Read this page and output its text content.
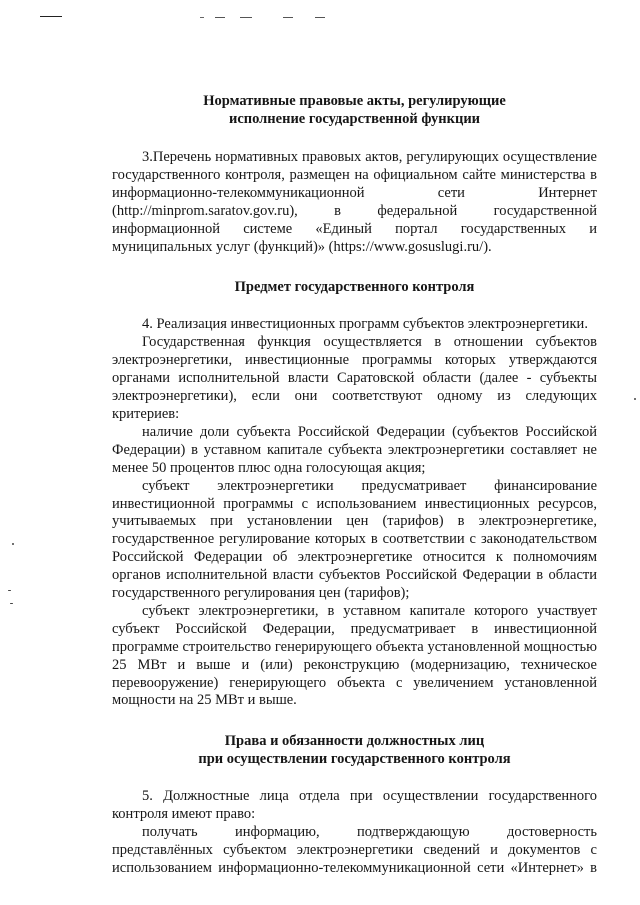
Нормативные правовые акты, регулирующие

исполнение государственной функции

3.Перечень нормативных правовых актов, регулирующих осуществление государственного контроля, размещен на официальном сайте министерства в информационно-телекоммуникационной сети Интернет (http://minprom.saratov.gov.ru), в федеральной государственной информационной системе «Единый портал государственных и муниципальных услуг (функций)» (https://www.gosuslugi.ru/).

Предмет государственного контроля

4. Реализация инвестиционных программ субъектов электроэнергетики.

Государственная функция осуществляется в отношении субъектов электроэнергетики, инвестиционные программы которых утверждаются органами исполнительной власти Саратовской области (далее - субъекты электроэнергетики), если они соответствуют одному из следующих критериев:

наличие доли субъекта Российской Федерации (субъектов Российской Федерации) в уставном капитале субъекта электроэнергетики составляет не менее 50 процентов плюс одна голосующая акция;

субъект электроэнергетики предусматривает финансирование инвестиционной программы с использованием инвестиционных ресурсов, учитываемых при установлении цен (тарифов) в электроэнергетике, государственное регулирование которых в соответствии с законодательством Российской Федерации об электроэнергетике относится к полномочиям органов исполнительной власти субъектов Российской Федерации в области государственного регулирования цен (тарифов);

субъект электроэнергетики, в уставном капитале которого участвует субъект Российской Федерации, предусматривает в инвестиционной программе строительство генерирующего объекта установленной мощностью 25 МВт и выше и (или) реконструкцию (модернизацию, техническое перевооружение) генерирующего объекта с увеличением установленной мощности на 25 МВт и выше.

Права и обязанности должностных лиц

при осуществлении государственного контроля

5. Должностные лица отдела при осуществлении государственного контроля имеют право:

получать информацию, подтверждающую достоверность представлённых субъектом электроэнергетики сведений и документов с использованием информационно-телекоммуникационной сети «Интернет» в
